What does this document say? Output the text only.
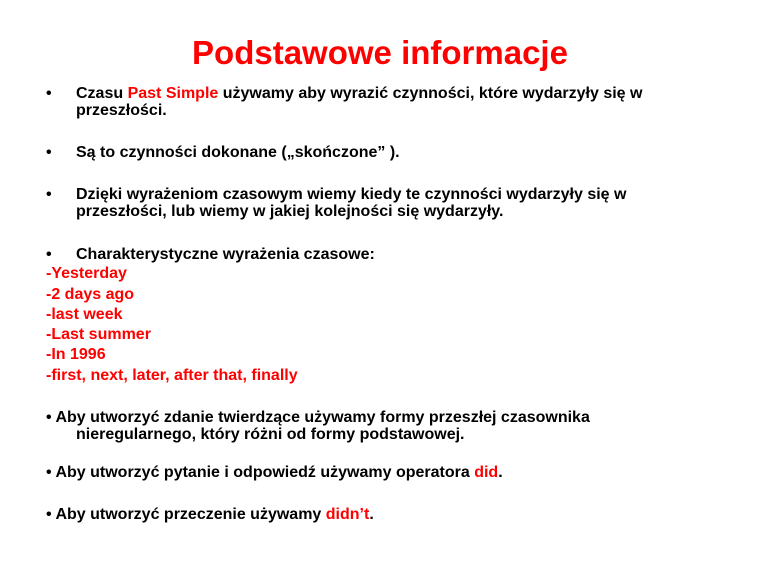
Podstawowe informacje
• Czasu Past Simple używamy aby wyrazić czynności, które wydarzyły się w przeszłości.
• Są to czynności dokonane („skończone” ).
• Dzięki wyrażeniom czasowym wiemy kiedy te czynności wydarzyły się w przeszłości, lub wiemy w jakiej kolejności się wydarzyły.
• Charakterystyczne wyrażenia czasowe:
-Yesterday
-2 days ago
-last week
-Last summer
-In 1996
-first, next, later, after that, finally
• Aby utworzyć zdanie twierdzące używamy formy przeszłej czasownika
nieregularnego, który różni od formy podstawowej.
• Aby utworzyć pytanie i odpowiedź używamy operatora did.
• Aby utworzyć przeczenie używamy didn’t.
